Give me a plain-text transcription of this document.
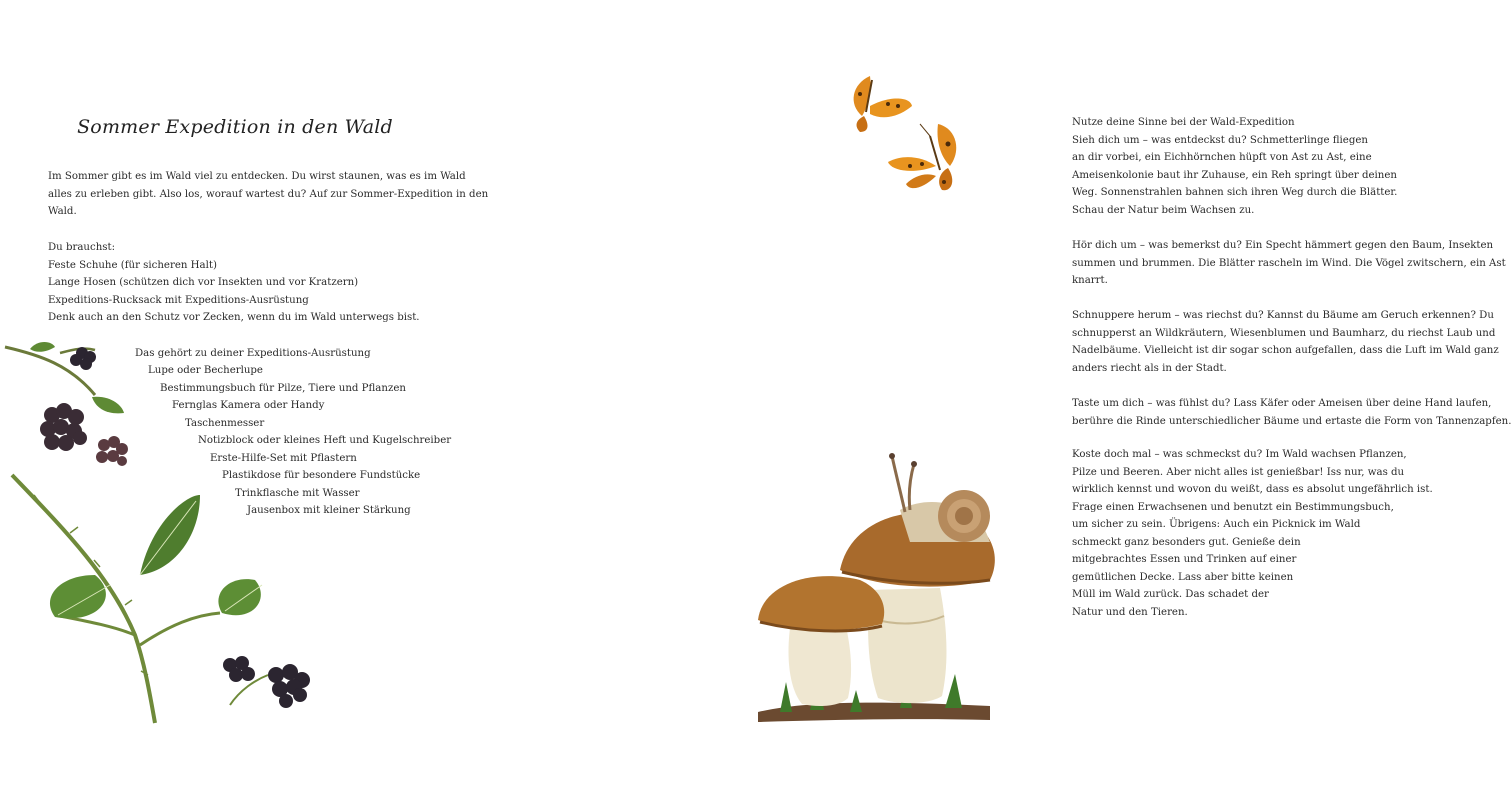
Sommer Expedition in den Wald

Im Sommer gibt es im Wald viel zu entdecken. Du wirst staunen, was es im Wald
alles zu erleben gibt. Also los, worauf wartest du? Auf zur Sommer-Expedition in den
Wald.

Du brauchst:
Feste Schuhe (für sicheren Halt)
Lange Hosen (schützen dich vor Insekten und vor Kratzern)
Expeditions-Rucksack mit Expeditions-Ausrüstung
Denk auch an den Schutz vor Zecken, wenn du im Wald unterwegs bist.

Das gehört zu deiner Expeditions-Ausrüstung
Lupe oder Becherlupe
Bestimmungsbuch für Pilze, Tiere und Pflanzen
Fernglas Kamera oder Handy
Taschenmesser
Notizblock oder kleines Heft und Kugelschreiber
Erste-Hilfe-Set mit Pflastern
Plastikdose für besondere Fundstücke
Trinkflasche mit Wasser
Jausenbox mit kleiner Stärkung

Nutze deine Sinne bei der Wald-Expedition
Sieh dich um – was entdeckst du? Schmetterlinge fliegen
an dir vorbei, ein Eichhörnchen hüpft von Ast zu Ast, eine
Ameisenkolonie baut ihr Zuhause, ein Reh springt über deinen
Weg. Sonnenstrahlen bahnen sich ihren Weg durch die Blätter.
Schau der Natur beim Wachsen zu.

Hör dich um – was bemerkst du? Ein Specht hämmert gegen den Baum, Insekten
summen und brummen. Die Blätter rascheln im Wind. Die Vögel zwitschern, ein Ast
knarrt.

Schnuppere herum – was riechst du? Kannst du Bäume am Geruch erkennen? Du
schnupperst an Wildkräutern, Wiesenblumen und Baumharz, du riechst Laub und
Nadelbäume. Vielleicht ist dir sogar schon aufgefallen, dass die Luft im Wald ganz
anders riecht als in der Stadt.

Taste um dich – was fühlst du? Lass Käfer oder Ameisen über deine Hand laufen,
berühre die Rinde unterschiedlicher Bäume und ertaste die Form von Tannenzapfen.

Koste doch mal – was schmeckst du? Im Wald wachsen Pflanzen,
Pilze und Beeren. Aber nicht alles ist genießbar! Iss nur, was du
wirklich kennst und wovon du weißt, dass es absolut ungefährlich ist.
Frage einen Erwachsenen und benutzt ein Bestimmungsbuch,
um sicher zu sein. Übrigens: Auch ein Picknick im Wald
schmeckt ganz besonders gut. Genieße dein
mitgebrachtes Essen und Trinken auf einer
gemütlichen Decke. Lass aber bitte keinen
Müll im Wald zurück. Das schadet der
Natur und den Tieren.
